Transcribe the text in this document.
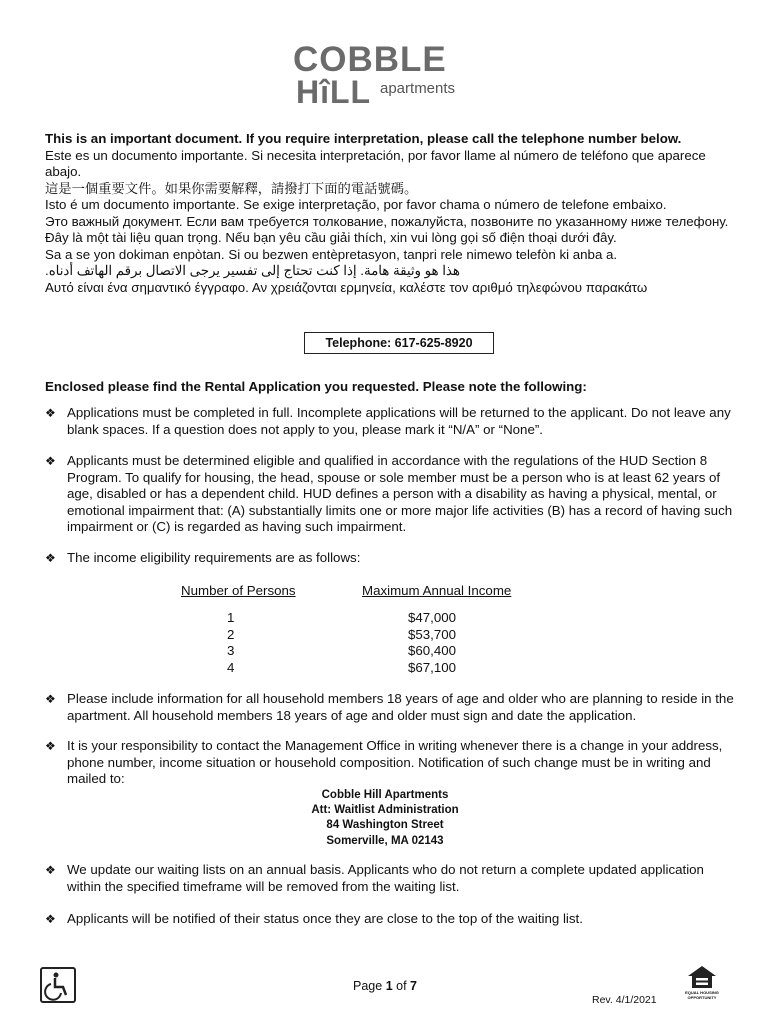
COBBLE
HîLL apartments

This is an important document. If you require interpretation, please call the telephone number below.

Este es un documento importante. Si necesita interpretación, por favor llame al número de teléfono que aparece abajo.

這是一個重要文件。如果你需要解釋，請撥打下面的電話號碼。

Isto é um documento importante. Se exige interpretação, por favor chama o número de telefone embaixo.

Это важный документ. Если вам требуется толкование, пожалуйста, позвоните по указанному ниже телефону.

Đây là một tài liệu quan trọng. Nếu bạn yêu cầu giải thích, xin vui lòng gọi số điện thoại dưới đây.

Sa a se yon dokiman enpòtan. Si ou bezwen entèpretasyon, tanpri rele nimewo telefòn ki anba a.

هذا هو وثيقة هامة. إذا كنت تحتاج إلى تفسير يرجى الاتصال برقم الهاتف أدناه.

Αυτό είναι ένα σημαντικό έγγραφο. Αν χρειάζονται ερμηνεία, καλέστε τον αριθμό τηλεφώνου παρακάτω

Telephone: 617-625-8920
Enclosed please find the Rental Application you requested. Please note the following:
❖ Applications must be completed in full. Incomplete applications will be returned to the applicant. Do not leave any blank spaces. If a question does not apply to you, please mark it “N/A” or “None”.
❖ Applicants must be determined eligible and qualified in accordance with the regulations of the HUD Section 8 Program. To qualify for housing, the head, spouse or sole member must be a person who is at least 62 years of age, disabled or has a dependent child. HUD defines a person with a disability as having a physical, mental, or emotional impairment that: (A) substantially limits one or more major life activities (B) has a record of having such impairment or (C) is regarded as having such impairment.
❖ The income eligibility requirements are as follows:
Number of Persons
1
2
3
4
Maximum Annual Income
$47,000
$53,700
$60,400
$67,100
❖ Please include information for all household members 18 years of age and older who are planning to reside in the apartment. All household members 18 years of age and older must sign and date the application.
❖ It is your responsibility to contact the Management Office in writing whenever there is a change in your address, phone number, income situation or household composition. Notification of such change must be in writing and mailed to:
Cobble Hill Apartments
Att: Waitlist Administration
84 Washington Street
Somerville, MA 02143
❖ We update our waiting lists on an annual basis. Applicants who do not return a complete updated application within the specified timeframe will be removed from the waiting list.
❖ Applicants will be notified of their status once they are close to the top of the waiting list.
Page 1 of 7
Rev. 4/1/2021
EQUAL HOUSING OPPORTUNITY
